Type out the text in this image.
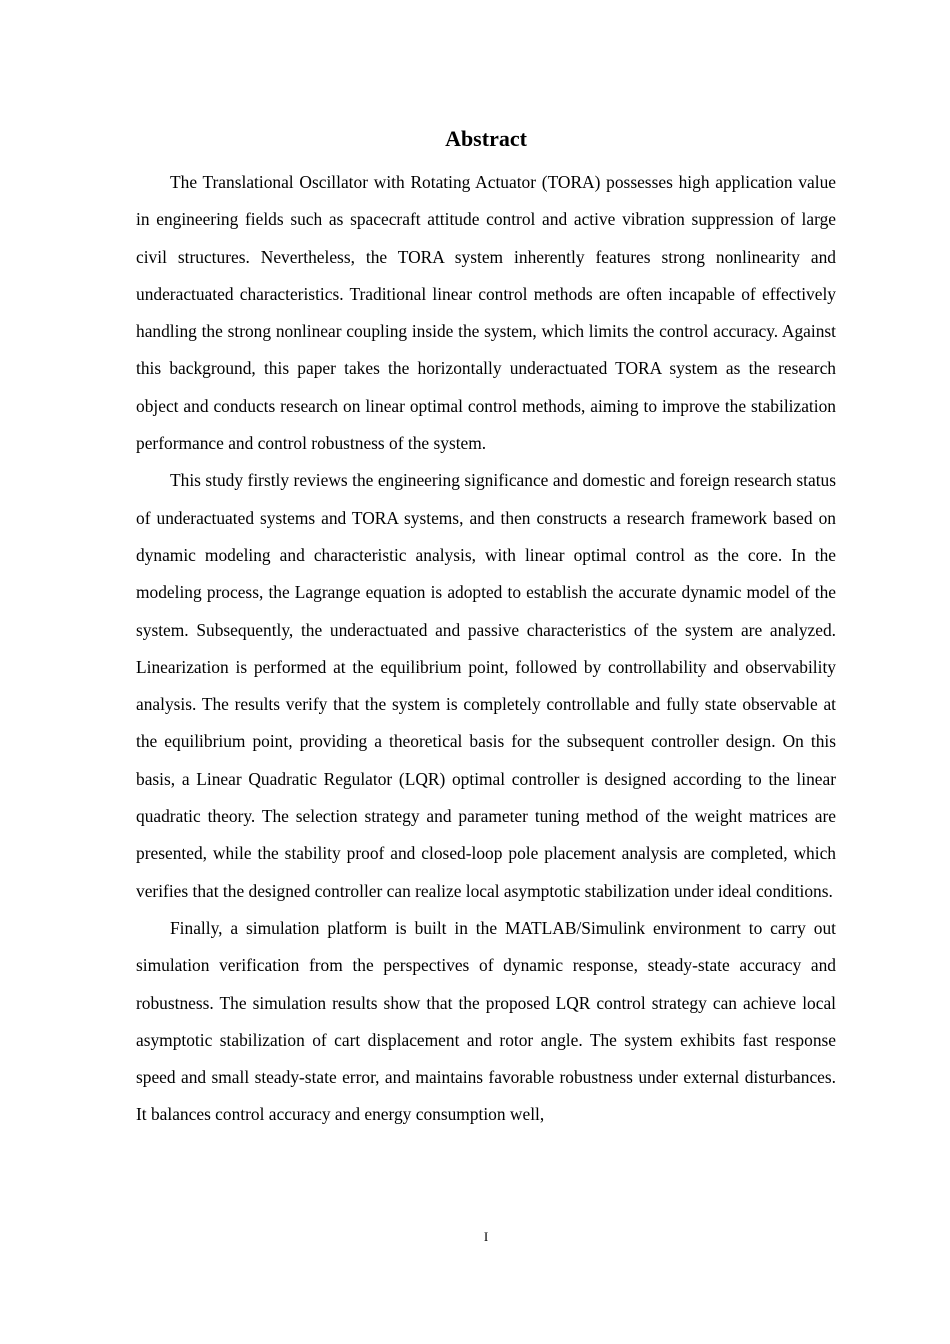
Abstract

The Translational Oscillator with Rotating Actuator (TORA) possesses high application value in engineering fields such as spacecraft attitude control and active vibration suppression of large civil structures. Nevertheless, the TORA system inherently features strong nonlinearity and underactuated characteristics. Traditional linear control methods are often incapable of effectively handling the strong nonlinear coupling inside the system, which limits the control accuracy. Against this background, this paper takes the horizontally underactuated TORA system as the research object and conducts research on linear optimal control methods, aiming to improve the stabilization performance and control robustness of the system.

This study firstly reviews the engineering significance and domestic and foreign research status of underactuated systems and TORA systems, and then constructs a research framework based on dynamic modeling and characteristic analysis, with linear optimal control as the core. In the modeling process, the Lagrange equation is adopted to establish the accurate dynamic model of the system. Subsequently, the underactuated and passive characteristics of the system are analyzed. Linearization is performed at the equilibrium point, followed by controllability and observability analysis. The results verify that the system is completely controllable and fully state observable at the equilibrium point, providing a theoretical basis for the subsequent controller design. On this basis, a Linear Quadratic Regulator (LQR) optimal controller is designed according to the linear quadratic theory. The selection strategy and parameter tuning method of the weight matrices are presented, while the stability proof and closed-loop pole placement analysis are completed, which verifies that the designed controller can realize local asymptotic stabilization under ideal conditions.

Finally, a simulation platform is built in the MATLAB/Simulink environment to carry out simulation verification from the perspectives of dynamic response, steady-state accuracy and robustness. The simulation results show that the proposed LQR control strategy can achieve local asymptotic stabilization of cart displacement and rotor angle. The system exhibits fast response speed and small steady-state error, and maintains favorable robustness under external disturbances. It balances control accuracy and energy consumption well,

I
